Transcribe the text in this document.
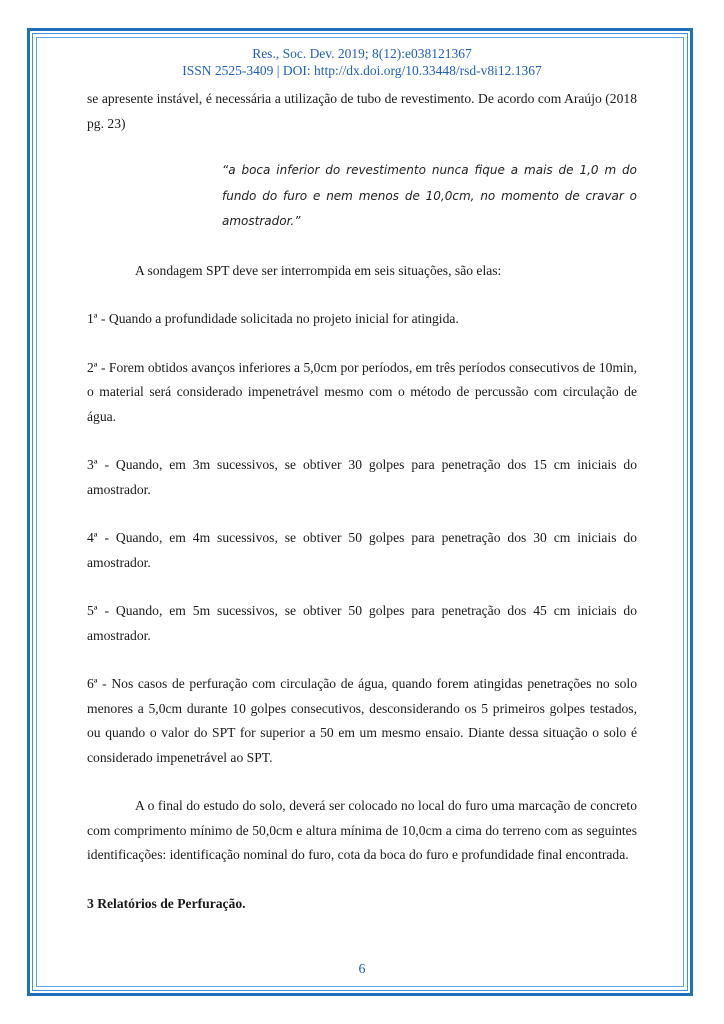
Res., Soc. Dev. 2019; 8(12):e038121367
ISSN 2525-3409 | DOI: http://dx.doi.org/10.33448/rsd-v8i12.1367

se apresente instável, é necessária a utilização de tubo de revestimento. De acordo com Araújo (2018 pg. 23)

“a boca inferior do revestimento nunca fique a mais de 1,0 m do fundo do furo e nem menos de 10,0cm, no momento de cravar o amostrador.”

A sondagem SPT deve ser interrompida em seis situações, são elas:

1ª - Quando a profundidade solicitada no projeto inicial for atingida.

2ª - Forem obtidos avanços inferiores a 5,0cm por períodos, em três períodos consecutivos de 10min, o material será considerado impenetrável mesmo com o método de percussão com circulação de água.

3ª - Quando, em 3m sucessivos, se obtiver 30 golpes para penetração dos 15 cm iniciais do amostrador.

4ª - Quando, em 4m sucessivos, se obtiver 50 golpes para penetração dos 30 cm iniciais do amostrador.

5ª - Quando, em 5m sucessivos, se obtiver 50 golpes para penetração dos 45 cm iniciais do amostrador.

6ª - Nos casos de perfuração com circulação de água, quando forem atingidas penetrações no solo menores a 5,0cm durante 10 golpes consecutivos, desconsiderando os 5 primeiros golpes testados, ou quando o valor do SPT for superior a 50 em um mesmo ensaio. Diante dessa situação o solo é considerado impenetrável ao SPT.

A o final do estudo do solo, deverá ser colocado no local do furo uma marcação de concreto com comprimento mínimo de 50,0cm e altura mínima de 10,0cm a cima do terreno com as seguintes identificações: identificação nominal do furo, cota da boca do furo e profundidade final encontrada.

3 Relatórios de Perfuração.

6
